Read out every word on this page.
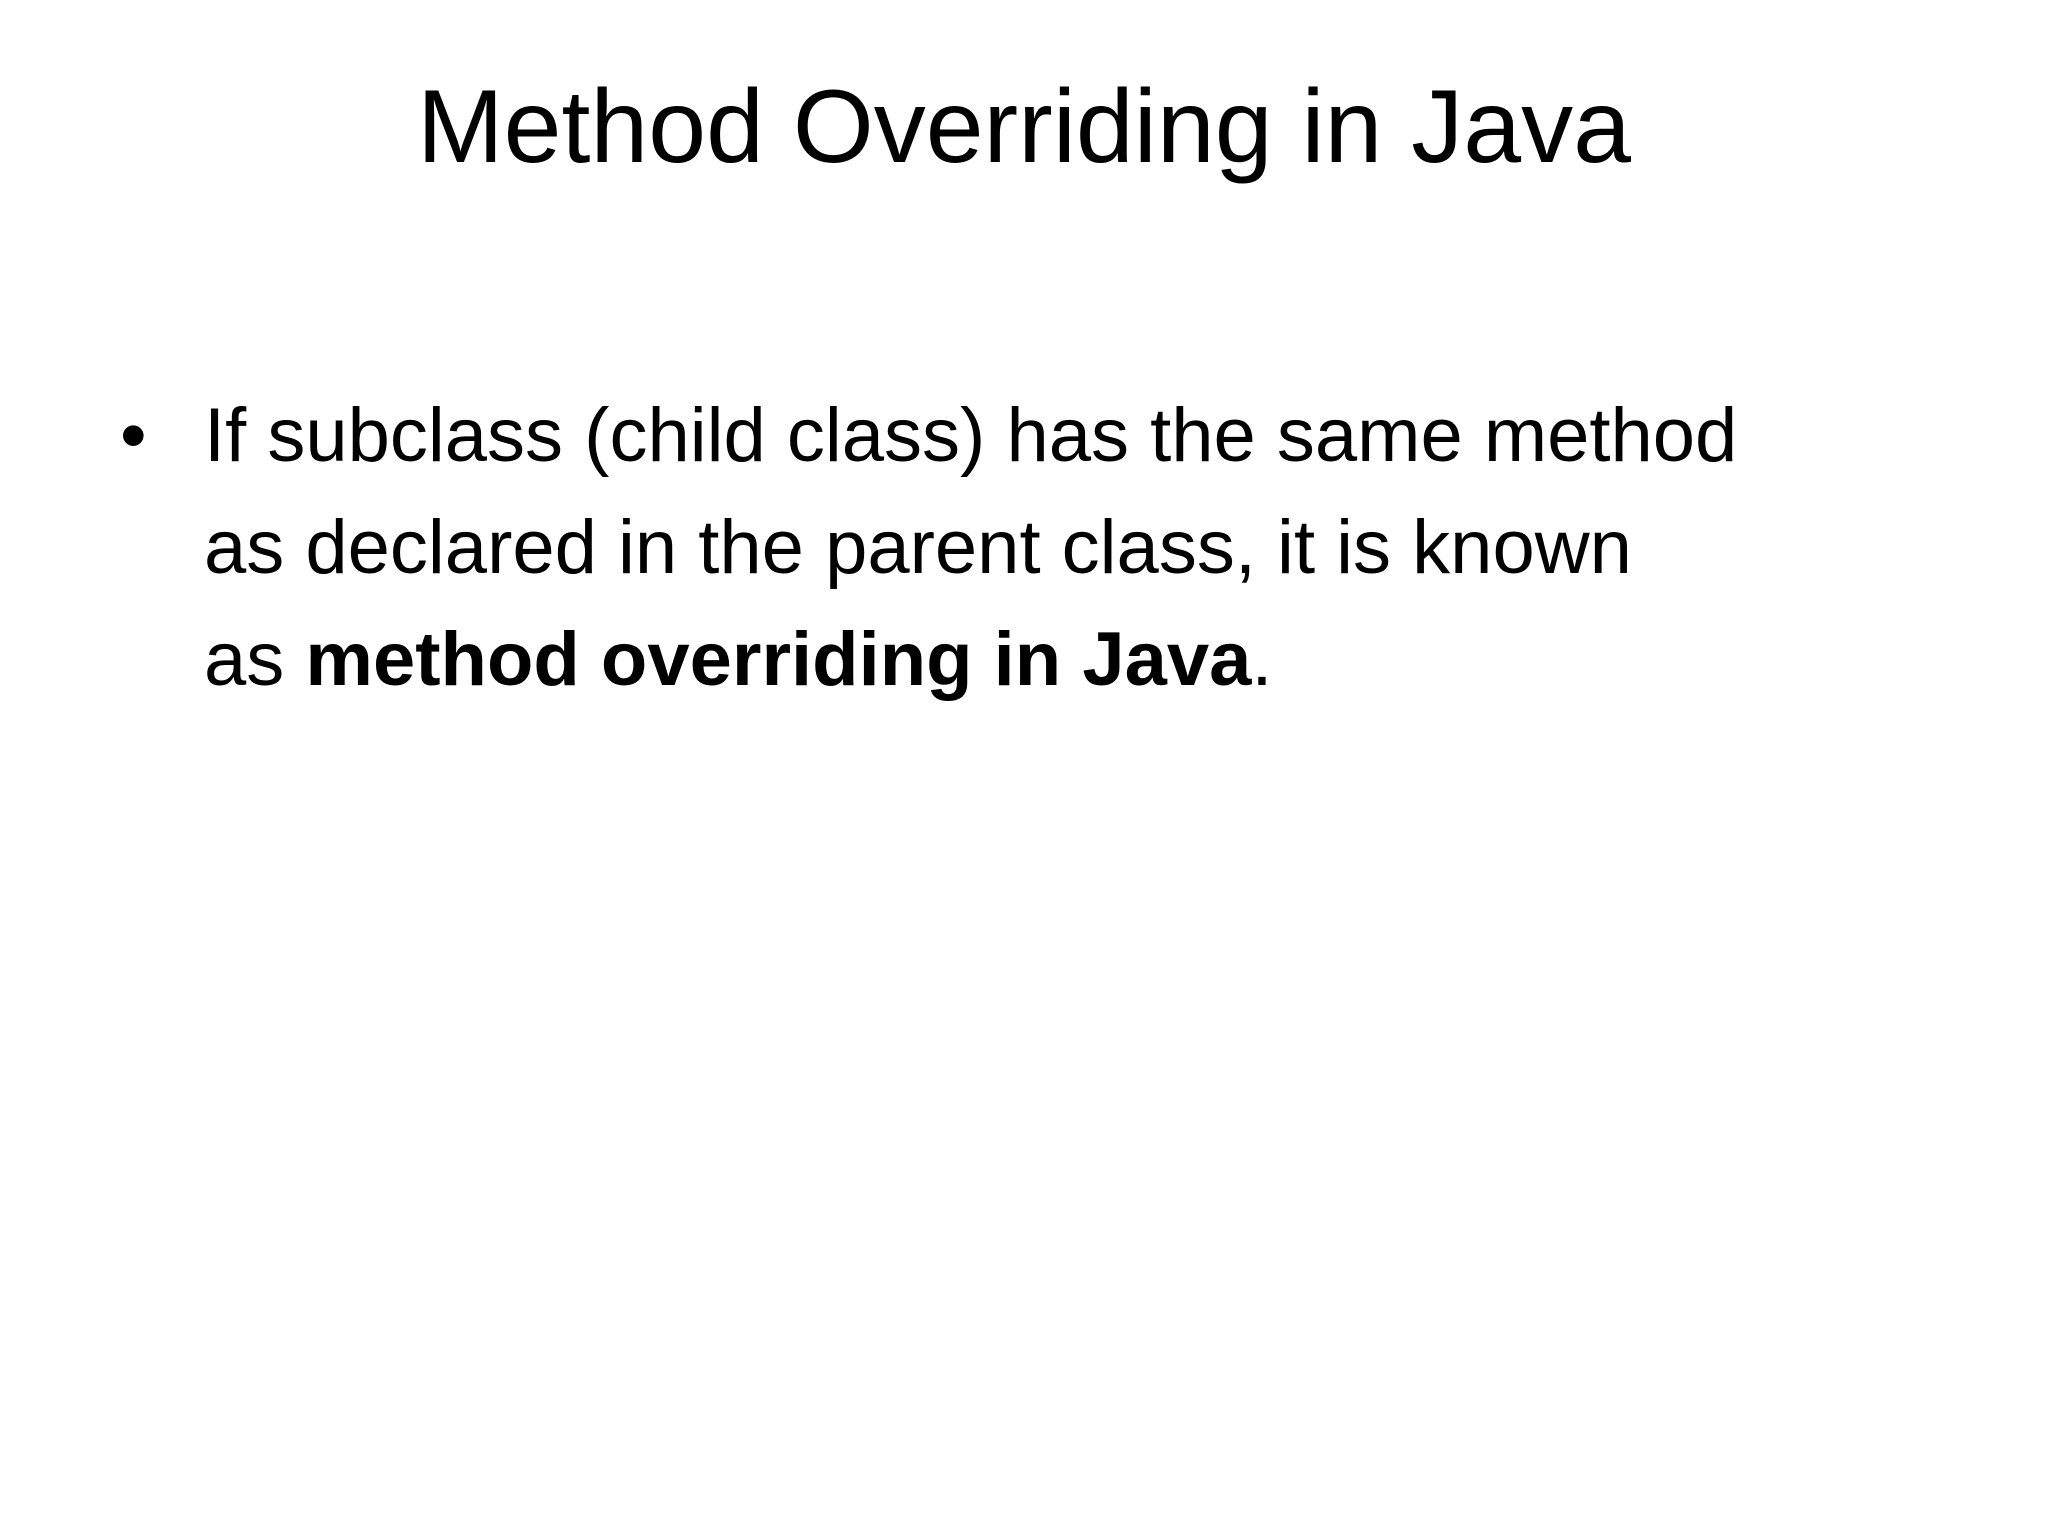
Method Overriding in Java
• If subclass (child class) has the same method
as declared in the parent class, it is known
as method overriding in Java.
